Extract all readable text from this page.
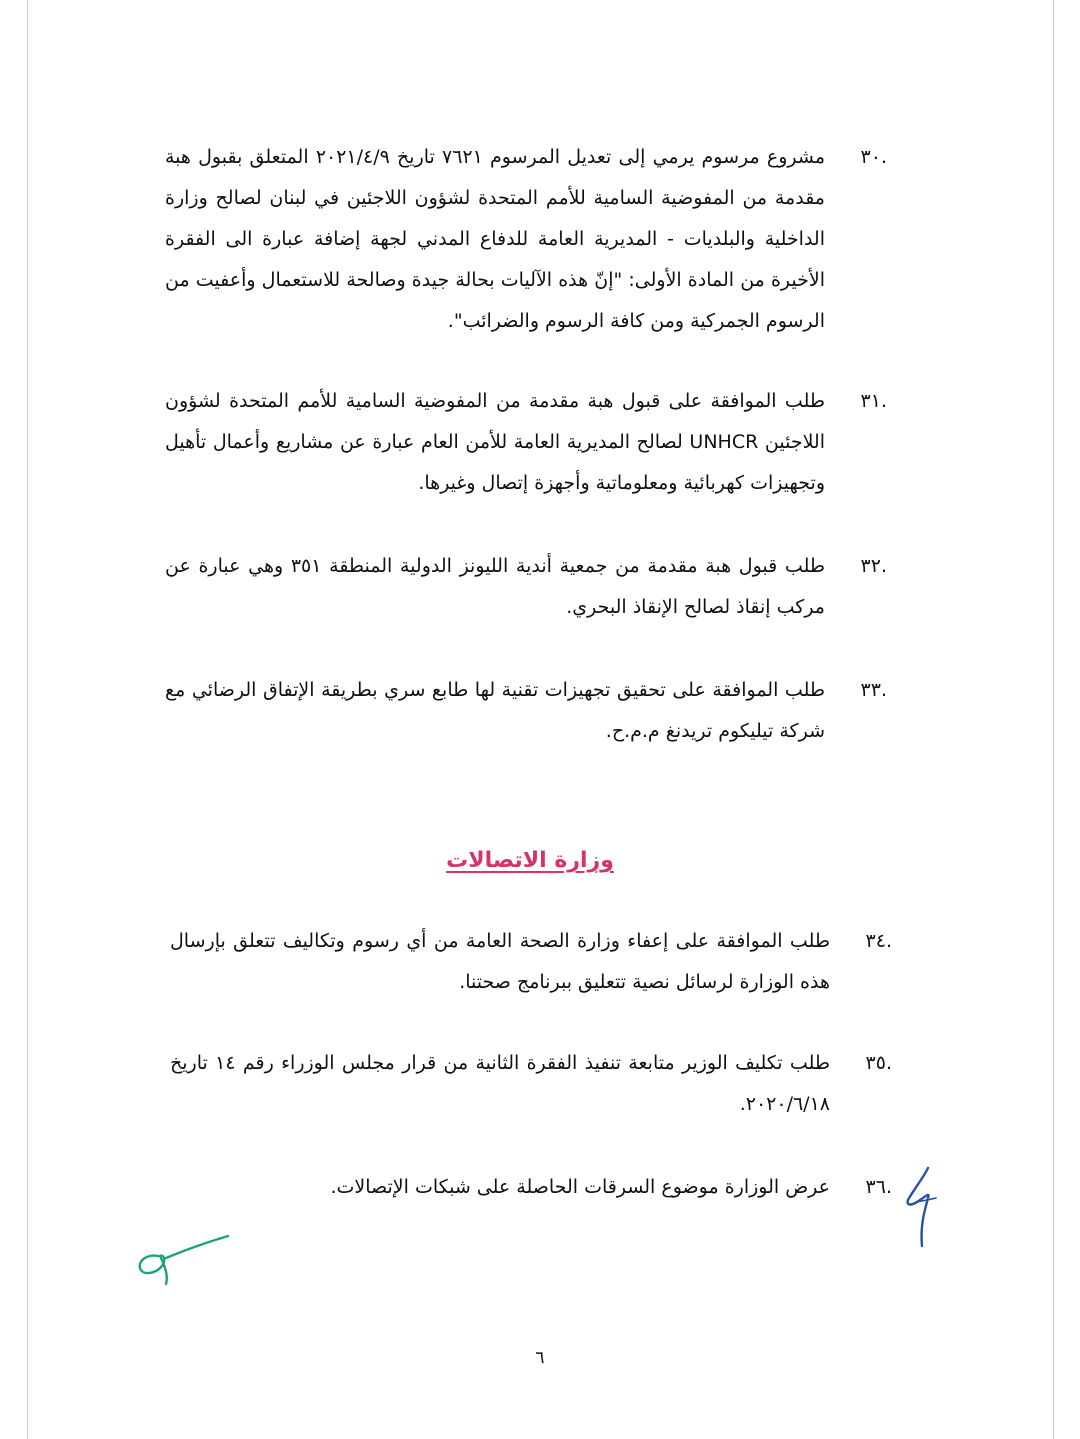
.٣٠
مشروع مرسوم يرمي إلى تعديل المرسوم ٧٦٢١ تاريخ ٢٠٢١/٤/٩ المتعلق بقبول هبة مقدمة من المفوضية السامية للأمم المتحدة لشؤون اللاجئين في لبنان لصالح وزارة الداخلية والبلديات - المديرية العامة للدفاع المدني لجهة إضافة عبارة الى الفقرة الأخيرة من المادة الأولى: "إنّ هذه الآليات بحالة جيدة وصالحة للاستعمال وأعفيت من الرسوم الجمركية ومن كافة الرسوم والضرائب".
.٣١
طلب الموافقة على قبول هبة مقدمة من المفوضية السامية للأمم المتحدة لشؤون اللاجئين UNHCR لصالح المديرية العامة للأمن العام عبارة عن مشاريع وأعمال تأهيل وتجهيزات كهربائية ومعلوماتية وأجهزة إتصال وغيرها.
.٣٢
طلب قبول هبة مقدمة من جمعية أندية الليونز الدولية المنطقة ٣٥١ وهي عبارة عن مركب إنقاذ لصالح الإنقاذ البحري.
.٣٣
طلب الموافقة على تحقيق تجهيزات تقنية لها طابع سري بطريقة الإتفاق الرضائي مع شركة تيليكوم تريدنغ م.م.ح.
وزارة الاتصالات
.٣٤
طلب الموافقة على إعفاء وزارة الصحة العامة من أي رسوم وتكاليف تتعلق بإرسال هذه الوزارة لرسائل نصية تتعليق ببرنامج صحتنا.
.٣٥
طلب تكليف الوزير متابعة تنفيذ الفقرة الثانية من قرار مجلس الوزراء رقم ١٤ تاريخ ٢٠٢٠/٦/١٨.
.٣٦
عرض الوزارة موضوع السرقات الحاصلة على شبكات الإتصالات.
٦
